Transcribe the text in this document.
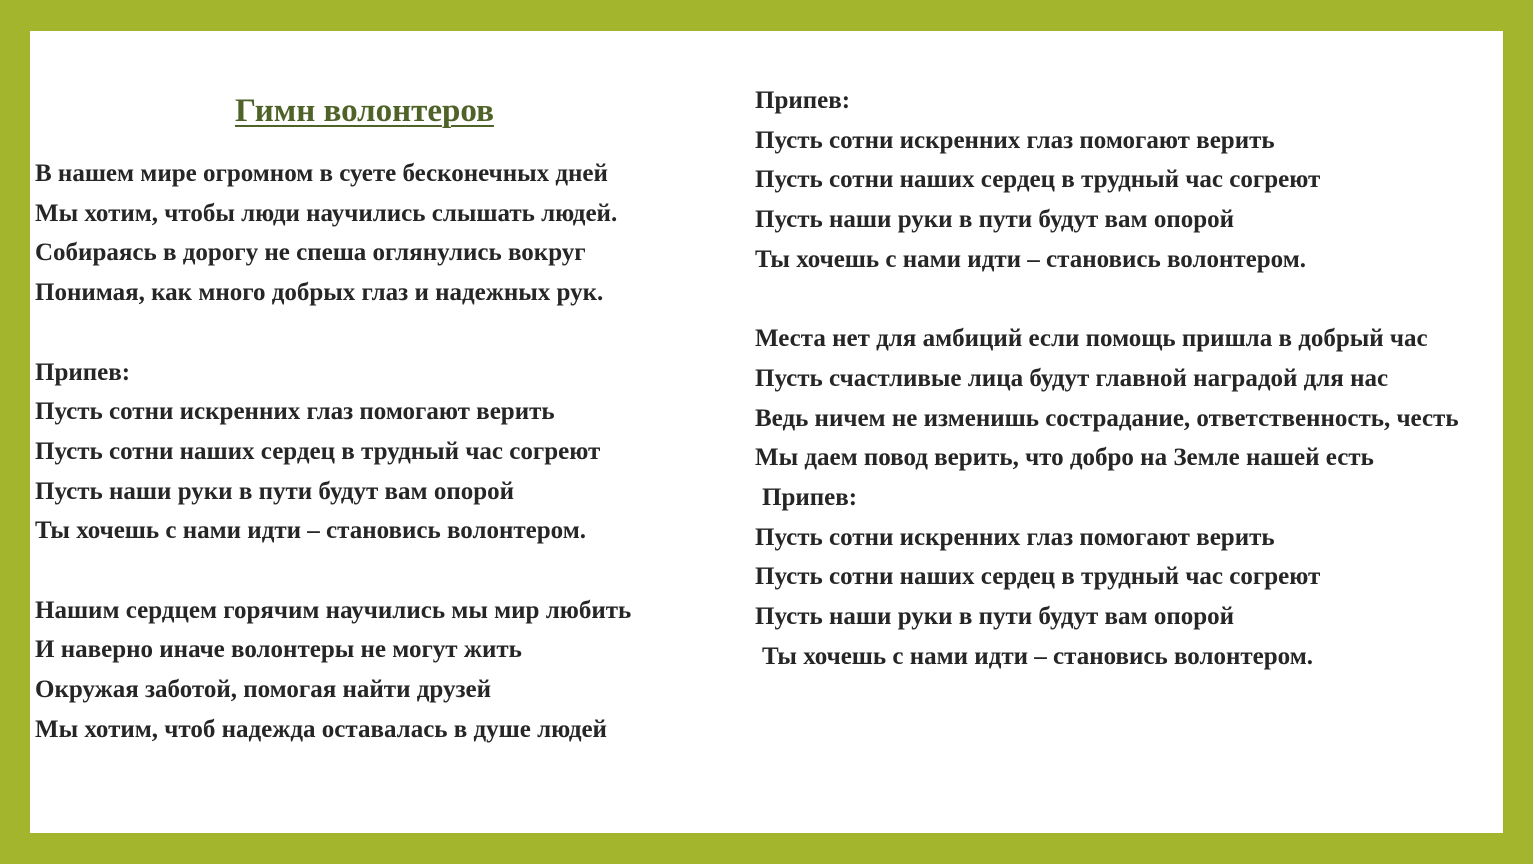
Гимн волонтеров
В нашем мире огромном в суете бесконечных дней
Мы хотим, чтобы люди научились слышать людей.
Собираясь в дорогу не спеша оглянулись вокруг
Понимая, как много добрых глаз и надежных рук.
Припев:
Пусть сотни искренних глаз помогают верить
Пусть сотни наших сердец в трудный час согреют
Пусть наши руки в пути будут вам опорой
Ты хочешь с нами идти – становись волонтером.
Нашим сердцем горячим научились мы мир любить
И наверно иначе волонтеры не могут жить
Окружая заботой, помогая найти друзей
Мы хотим, чтоб надежда оставалась в душе людей
Припев:
Пусть сотни искренних глаз помогают верить
Пусть сотни наших сердец в трудный час согреют
Пусть наши руки в пути будут вам опорой
Ты хочешь с нами идти – становись волонтером.
Места нет для амбиций если помощь пришла в добрый час
Пусть счастливые лица будут главной наградой для нас
Ведь ничем не изменишь сострадание, ответственность, честь
Мы даем повод верить, что добро на Земле нашей есть
Припев:
Пусть сотни искренних глаз помогают верить
Пусть сотни наших сердец в трудный час согреют
Пусть наши руки в пути будут вам опорой
Ты хочешь с нами идти – становись волонтером.
